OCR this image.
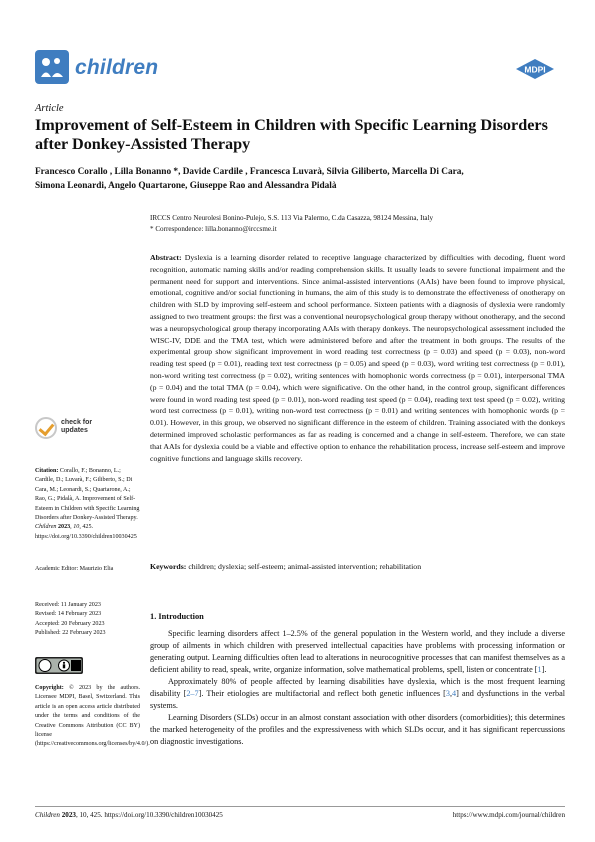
children	MDPI
Article
Improvement of Self-Esteem in Children with Specific Learning Disorders after Donkey-Assisted Therapy
Francesco Corallo , Lilla Bonanno *, Davide Cardile , Francesca Luvarà, Silvia Giliberto, Marcella Di Cara,
Simona Leonardi, Angelo Quartarone, Giuseppe Rao and Alessandra Pidalà
IRCCS Centro Neurolesi Bonino-Pulejo, S.S. 113 Via Palermo, C.da Casazza, 98124 Messina, Italy
* Correspondence: lilla.bonanno@irccsme.it
Abstract: Dyslexia is a learning disorder related to receptive language characterized by difficulties with decoding, fluent word recognition, automatic naming skills and/or reading comprehension skills. It usually leads to severe functional impairment and the permanent need for support and interventions. Since animal-assisted interventions (AAIs) have been found to improve physical, emotional, cognitive and/or social functioning in humans, the aim of this study is to demonstrate the effectiveness of onotherapy on children with SLD by improving self-esteem and school performance. Sixteen patients with a diagnosis of dyslexia were randomly assigned to two treatment groups: the first was a conventional neuropsychological group therapy without onotherapy, and the second was a neuropsychological group therapy incorporating AAIs with therapy donkeys. The neuropsychological assessment included the WISC-IV, DDE and the TMA test, which were administered before and after the treatment in both groups. The results of the experimental group show significant improvement in word reading test correctness (p = 0.03) and speed (p = 0.03), non-word reading test speed (p = 0.01), reading text test correctness (p = 0.05) and speed (p = 0.03), word writing test correctness (p = 0.01), non-word writing test correctness (p = 0.02), writing sentences with homophonic words correctness (p = 0.01), interpersonal TMA (p = 0.04) and the total TMA (p = 0.04), which were significative. On the other hand, in the control group, significant differences were found in word reading test speed (p = 0.01), non-word reading test speed (p = 0.04), reading text test speed (p = 0.02), writing word test correctness (p = 0.01), writing non-word test correctness (p = 0.01) and writing sentences with homophonic words (p = 0.01). However, in this group, we observed no significant difference in the esteem of children. Training associated with the donkeys determined improved scholastic performances as far as reading is concerned and a change in self-esteem. Therefore, we can state that AAIs for dyslexia could be a viable and effective option to enhance the rehabilitation process, increase self-esteem and improve cognitive functions and language skills recovery.
Keywords: children; dyslexia; self-esteem; animal-assisted intervention; rehabilitation
1. Introduction

Specific learning disorders affect 1–2.5% of the general population in the Western world, and they include a diverse group of ailments in which children with preserved intellectual capacities have problems with processing information or generating output. Learning difficulties often lead to alterations in neurocognitive processes that can manifest themselves as a deficient ability to read, speak, write, organize information, solve mathematical problems, spell, listen or concentrate [1].

Approximately 80% of people affected by learning disabilities have dyslexia, which is the most frequent learning disability [2–7]. Their etiologies are multifactorial and reflect both genetic influences [3,4] and dysfunctions in the verbal systems.

Learning Disorders (SLDs) occur in an almost constant association with other disorders (comorbidities); this determines the marked heterogeneity of the profiles and the expressiveness with which SLDs occur, and it has significant repercussions on diagnostic investigations.

check for
updates
Citation: Corallo, F.; Bonanno, L.; Cardile, D.; Luvarà, F.; Giliberto, S.; Di Cara, M.; Leonardi, S.; Quartarone, A.; Rao, G.; Pidalà, A. Improvement of Self-Esteem in Children with Specific Learning Disorders after Donkey-Assisted Therapy. Children 2023, 10, 425. https://doi.org/10.3390/children10030425
Academic Editor: Maurizio Elia
Received: 11 January 2023
Revised: 14 February 2023
Accepted: 20 February 2023
Published: 22 February 2023
Copyright: © 2023 by the authors. Licensee MDPI, Basel, Switzerland. This article is an open access article distributed under the terms and conditions of the Creative Commons Attribution (CC BY) license (https://creativecommons.org/licenses/by/4.0/).
Children 2023, 10, 425. https://doi.org/10.3390/children10030425	https://www.mdpi.com/journal/children
